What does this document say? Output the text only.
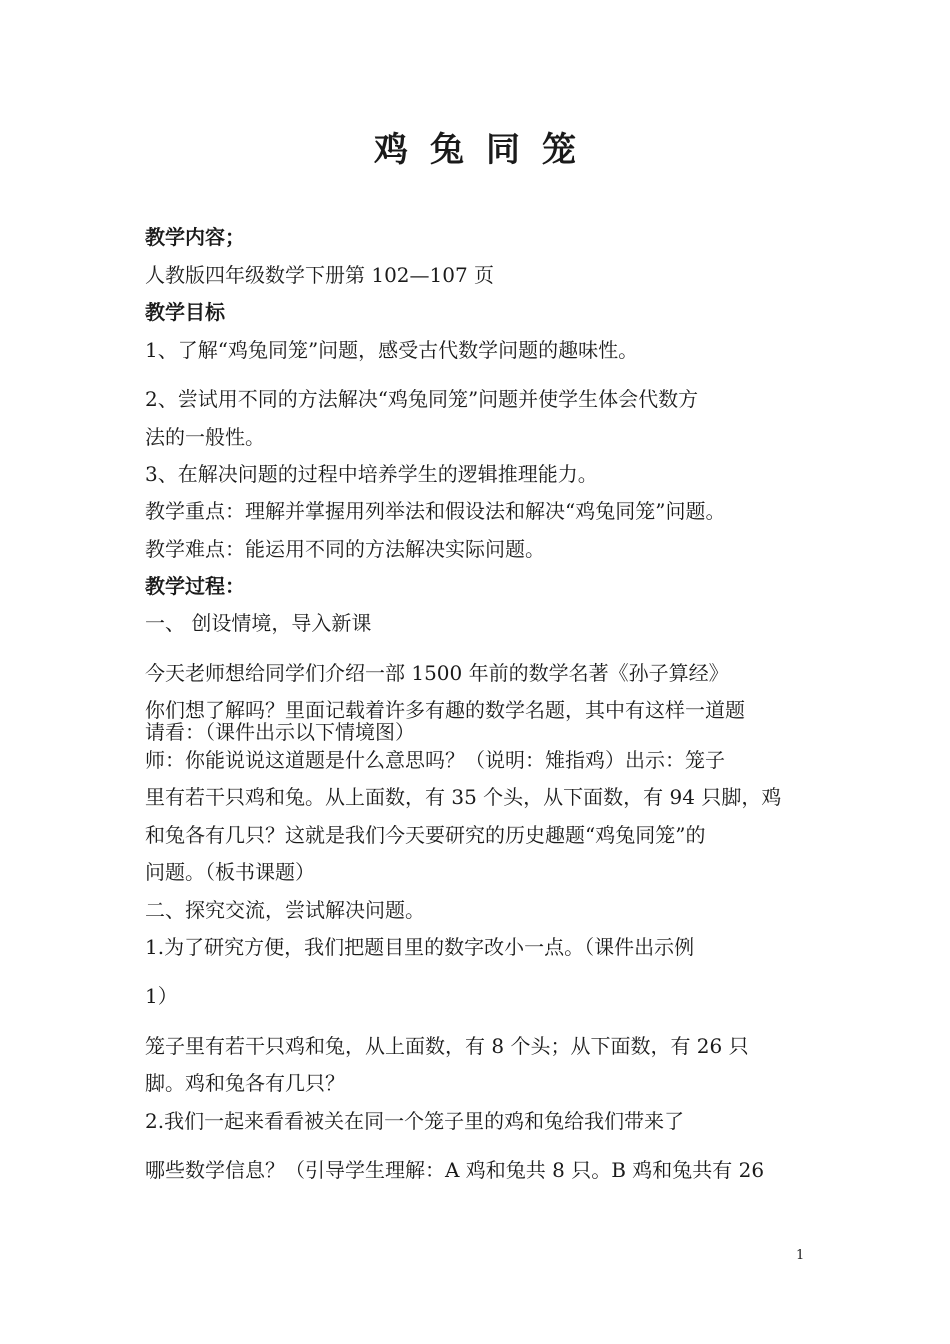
鸡兔同笼
教学内容；
人教版四年级数学下册第 102—107 页
教学目标
1、了解“鸡兔同笼”问题，感受古代数学问题的趣味性。
2、尝试用不同的方法解决“鸡兔同笼”问题并使学生体会代数方
法的一般性。
3、在解决问题的过程中培养学生的逻辑推理能力。
教学重点：理解并掌握用列举法和假设法和解决“鸡兔同笼”问题。
教学难点：能运用不同的方法解决实际问题。
教学过程：
一、 创设情境，导入新课
今天老师想给同学们介绍一部 1500 年前的数学名著《孙子算经》
你们想了解吗？里面记载着许多有趣的数学名题，其中有这样一道题
请看：（课件出示以下情境图）
师：你能说说这道题是什么意思吗？（说明：雉指鸡）出示：笼子
里有若干只鸡和兔。从上面数，有 35 个头，从下面数，有 94 只脚，鸡
和兔各有几只？这就是我们今天要研究的历史趣题“鸡兔同笼”的
问题。（板书课题）
二、探究交流，尝试解决问题。
1.为了研究方便，我们把题目里的数字改小一点。（课件出示例
1）
笼子里有若干只鸡和兔，从上面数，有 8 个头；从下面数，有 26 只
脚。鸡和兔各有几只？
2.我们一起来看看被关在同一个笼子里的鸡和兔给我们带来了
哪些数学信息？（引导学生理解：A 鸡和兔共 8 只。B 鸡和兔共有 26
1
